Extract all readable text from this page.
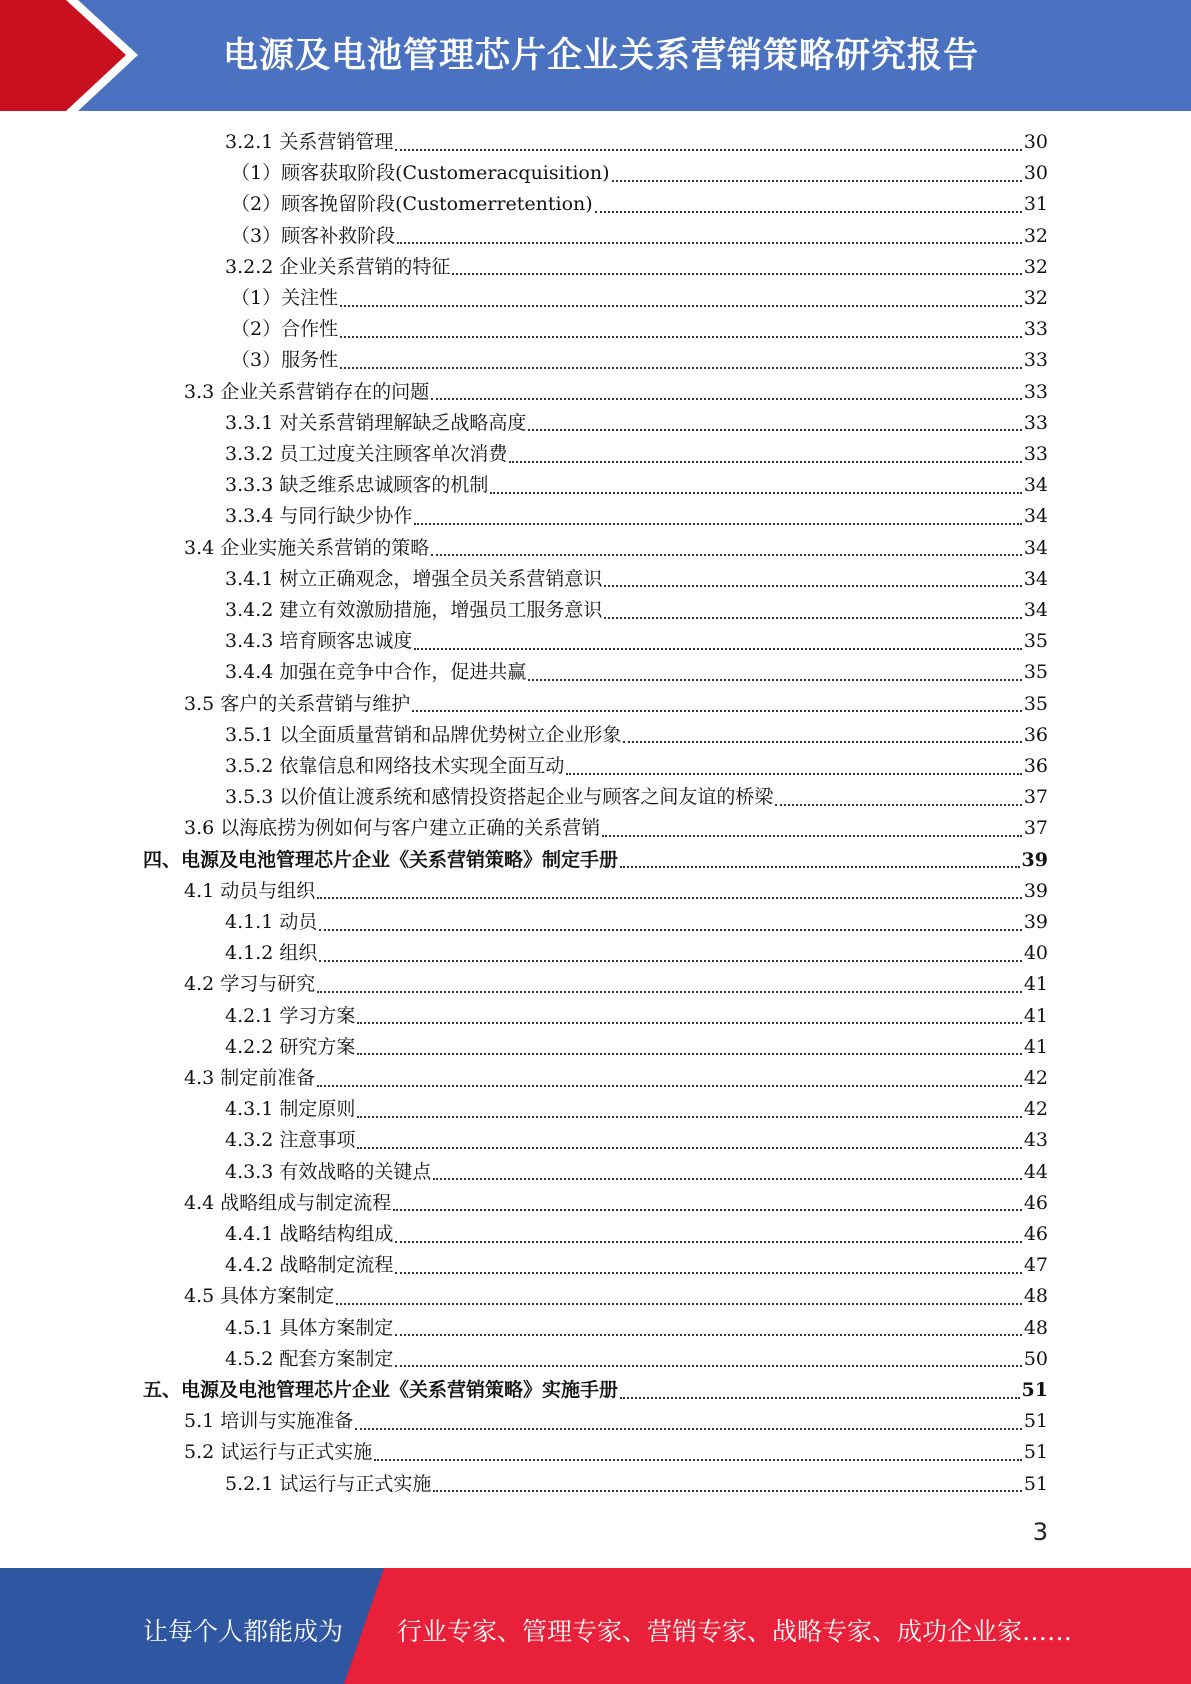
电源及电池管理芯片企业关系营销策略研究报告
3.2.1 关系营销管理	30
（1）顾客获取阶段(Customeracquisition)	30
（2）顾客挽留阶段(Customerretention)	31
（3）顾客补救阶段	32
3.2.2 企业关系营销的特征	32
（1）关注性	32
（2）合作性	33
（3）服务性	33
3.3 企业关系营销存在的问题	33
3.3.1 对关系营销理解缺乏战略高度	33
3.3.2 员工过度关注顾客单次消费	33
3.3.3 缺乏维系忠诚顾客的机制	34
3.3.4 与同行缺少协作	34
3.4 企业实施关系营销的策略	34
3.4.1 树立正确观念，增强全员关系营销意识	34
3.4.2 建立有效激励措施，增强员工服务意识	34
3.4.3 培育顾客忠诚度	35
3.4.4 加强在竞争中合作，促进共赢	35
3.5 客户的关系营销与维护	35
3.5.1 以全面质量营销和品牌优势树立企业形象	36
3.5.2 依靠信息和网络技术实现全面互动	36
3.5.3 以价值让渡系统和感情投资搭起企业与顾客之间友谊的桥梁	37
3.6 以海底捞为例如何与客户建立正确的关系营销	37
四、电源及电池管理芯片企业《关系营销策略》制定手册	39
4.1 动员与组织	39
4.1.1 动员	39
4.1.2 组织	40
4.2 学习与研究	41
4.2.1 学习方案	41
4.2.2 研究方案	41
4.3 制定前准备	42
4.3.1 制定原则	42
4.3.2 注意事项	43
4.3.3 有效战略的关键点	44
4.4 战略组成与制定流程	46
4.4.1 战略结构组成	46
4.4.2 战略制定流程	47
4.5 具体方案制定	48
4.5.1 具体方案制定	48
4.5.2 配套方案制定	50
五、电源及电池管理芯片企业《关系营销策略》实施手册	51
5.1 培训与实施准备	51
5.2 试运行与正式实施	51
5.2.1 试运行与正式实施	51
3
让每个人都能成为 行业专家、管理专家、营销专家、战略专家、成功企业家……
